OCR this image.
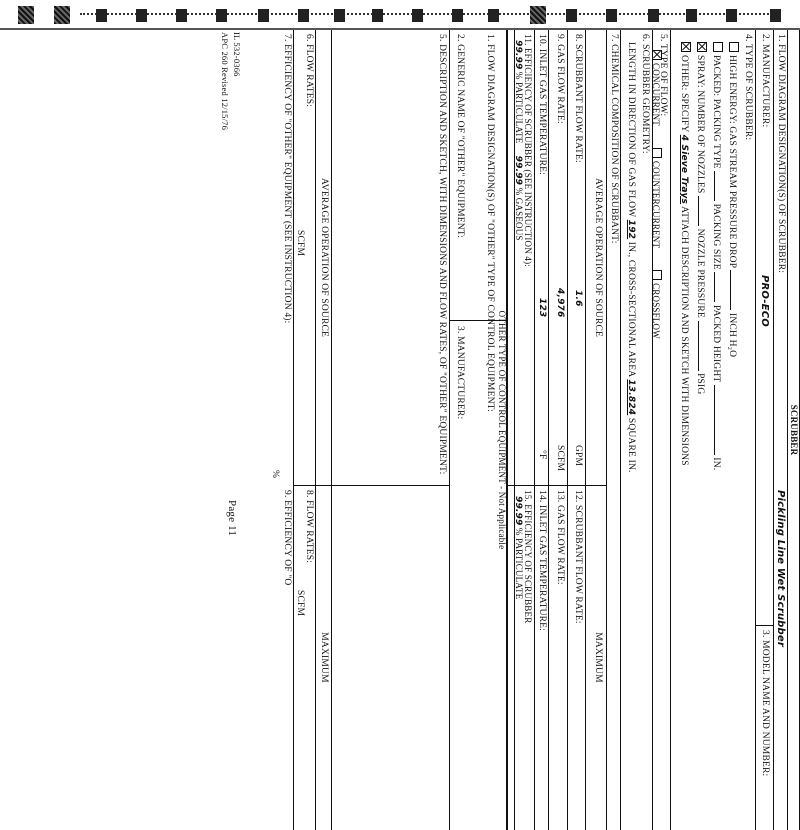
SCRUBBER
1. FLOW DIAGRAM DESIGNATION(S) OF SCRUBBER:
Pickling Line Wet Scrubber
2. MANUFACTURER:
PRO-ECO
3. MODEL NAME AND NUMBER:
4. TYPE OF SCRUBBER:
HIGH ENERGY: GAS STREAM PRESSURE DROP  INCH H₂O
PACKED: PACKING TYPE  PACKING SIZE  PACKED HEIGHT  IN.
SPRAY: NUMBER OF NOZZLES  NOZZLE PRESSURE  PSIG
OTHER: SPECIFY 4 Sieve Trays ATTACH DESCRIPTION AND SKETCH WITH DIMENSIONS
5. TYPE OF FLOW:
CONCURRENT         COUNTERCURRENT         CROSSFLOW
6. SCRUBBER GEOMETRY:
LENGTH IN DIRECTION OF GAS FLOW 192 IN., CROSS-SECTIONAL AREA 13.824 SQUARE IN.
7. CHEMICAL COMPOSITION OF SCRUBBANT:
AVERAGE OPERATION OF SOURCE
MAXIMUM
8. SCRUBBANT FLOW RATE:
1.6
GPM
12. SCRUBBANT FLOW RATE:
9. GAS FLOW RATE:
4,976
SCFM
13. GAS FLOW RATE:
10. INLET GAS TEMPERATURE:
123
°F
14. INLET GAS TEMPERATURE:
11. EFFICIENCY OF SCRUBBER (SEE INSTRUCTION 4):
99.99 % PARTICULATE     99.99 % GASEOUS
15. EFFICIENCY OF SCRUBBER
99.99 % PARTICULATE
OTHER TYPE OF CONTROL EQUIPMENT - Not Applicable
1. FLOW DIAGRAM DESIGNATION(S) OF "OTHER" TYPE OF CONTROL EQUIPMENT:
2. GENERIC NAME OF "OTHER" EQUIPMENT:
3. MANUFACTURER:
5. DESCRIPTION AND SKETCH, WITH DIMENSIONS AND FLOW RATES, OF "OTHER" EQUIPMENT:
AVERAGE OPERATION OF SOURCE
MAXIMUM
6. FLOW RATES:
SCFM
8. FLOW RATES:
SCFM
7. EFFICIENCY OF "OTHER" EQUIPMENT (SEE INSTRUCTION 4):
%
9. EFFICIENCY OF "O
IL 532-0366
APC 260 Revised 12/15/76
Page 11
